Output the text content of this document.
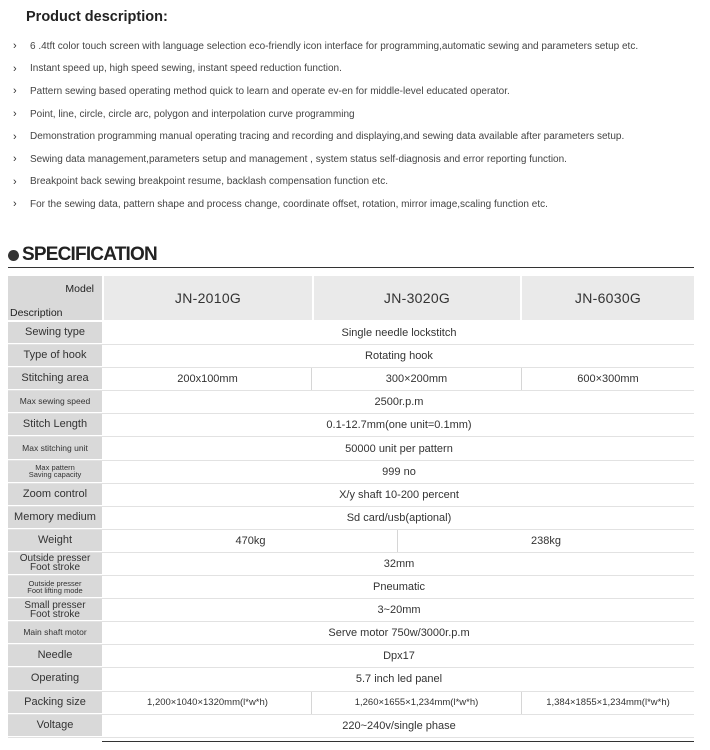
Product description:
›	6 .4tft color touch screen with language selection eco-friendly icon interface for programming,automatic sewing and parameters setup etc.
›	Instant speed up, high speed sewing, instant speed reduction function.
›	Pattern sewing based operating method quick to learn and operate ev-en for middle-level educated operator.
›	Point, line, circle, circle arc, polygon and interpolation curve programming
›	Demonstration programming manual operating tracing and recording and displaying,and sewing data available after parameters setup.
›	Sewing data management,parameters setup and management , system status self-diagnosis and error reporting function.
›	Breakpoint back sewing breakpoint resume, backlash compensation function etc.
›	For the sewing data, pattern shape and process change, coordinate offset, rotation, mirror image,scaling function etc.
SPECIFICATION
Model
Description
JN-2010G	JN-3020G	JN-6030G
Sewing type	Single needle lockstitch
Type of hook	Rotating hook
Stitching area	200x100mm	300×200mm	600×300mm
Max sewing speed	2500r.p.m
Stitch Length	0.1-12.7mm(one unit=0.1mm)
Max stitching unit	50000 unit per pattern
Max pattern
Saving capacity	999 no
Zoom control	X/y shaft 10-200 percent
Memory medium	Sd card/usb(aptional)
Weight	470kg	238kg
Outside presser
Foot stroke	32mm
Outside presser
Foot lifting mode	Pneumatic
Small presser
Foot stroke	3~20mm
Main shaft motor	Serve motor 750w/3000r.p.m
Needle	Dpx17
Operating	5.7 inch led panel
Packing size	1,200×1040×1320mm(l*w*h)	1,260×1655×1,234mm(l*w*h)	1,384×1855×1,234mm(l*w*h)
Voltage	220~240v/single phase
